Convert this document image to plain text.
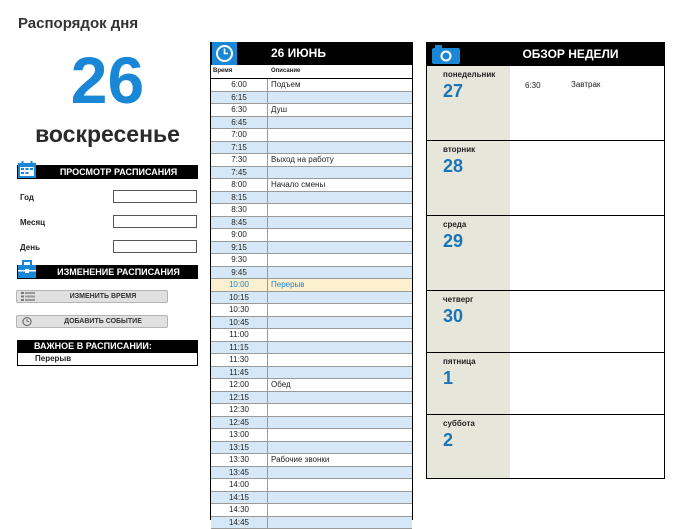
Распорядок дня
26
воскресенье
ПРОСМОТР РАСПИСАНИЯ
Год
Месяц
День
ИЗМЕНЕНИЕ РАСПИСАНИЯ
ИЗМЕНИТЬ ВРЕМЯ
ДОБАВИТЬ СОБЫТИЕ
ВАЖНОЕ В РАСПИСАНИИ:
Перерыв
26 ИЮНЬ
Время	Описание
6:00	Подъем
6:15
6:30	Душ
6:45
7:00
7:15
7:30	Выход на работу
7:45
8:00	Начало смены
8:15
8:30
8:45
9:00
9:15
9:30
9:45
10:00	Перерыв
10:15
10:30
10:45
11:00
11:15
11:30
11:45
12:00	Обед
12:15
12:30
12:45
13:00
13:15
13:30	Рабочие звонки
13:45
14:00
14:15
14:30
14:45
ОБЗОР НЕДЕЛИ
понедельник
27	6:30	Завтрак
вторник
28
среда
29
четверг
30
пятница
1
суббота
2
